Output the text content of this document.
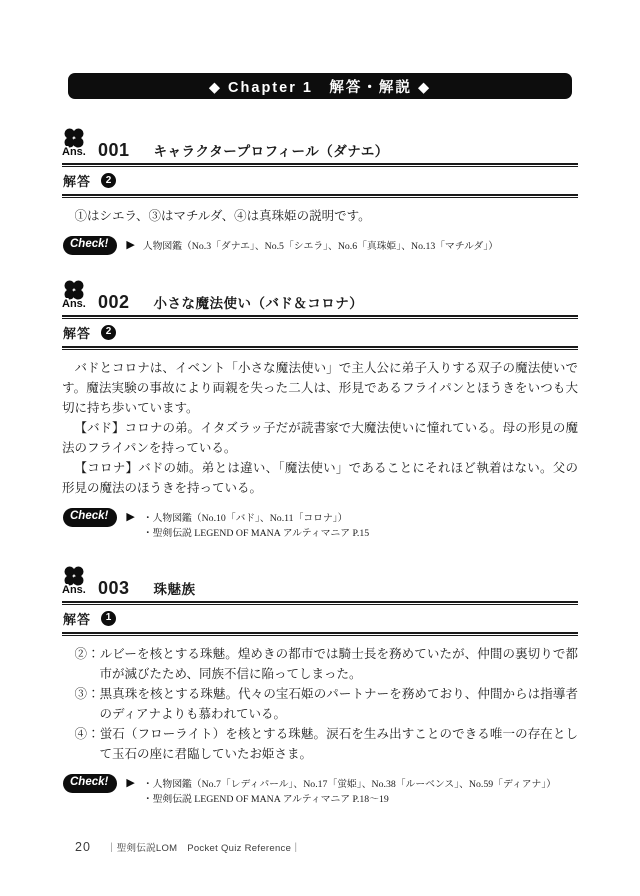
◆ Chapter 1　解答・解説 ◆
Ans. 001 キャラクタープロフィール（ダナエ）
解答	2

①はシエラ、③はマチルダ、④は真珠姫の説明です。

Check!	▶ 人物図鑑（No.3「ダナエ」、No.5「シエラ」、No.6「真珠姫」、No.13「マチルダ」）
Ans. 002 小さな魔法使い（バド＆コロナ）
解答	2

バドとコロナは、イベント「小さな魔法使い」で主人公に弟子入りする双子の魔法使いです。魔法実験の事故により両親を失った二人は、形見であるフライパンとほうきをいつも大切に持ち歩いています。

【バド】コロナの弟。イタズラッ子だが読書家で大魔法使いに憧れている。母の形見の魔法のフライパンを持っている。

【コロナ】バドの姉。弟とは違い、「魔法使い」であることにそれほど執着はない。父の形見の魔法のほうきを持っている。

Check!	▶ ・人物図鑑（No.10「バド」、No.11「コロナ」）
・聖剣伝説 LEGEND OF MANA アルティマニア P.15
Ans. 003 珠魅族
解答	1

②：ルビーを核とする珠魅。煌めきの都市では騎士長を務めていたが、仲間の裏切りで都市が滅びたため、同族不信に陥ってしまった。

③：黒真珠を核とする珠魅。代々の宝石姫のパートナーを務めており、仲間からは指導者のディアナよりも慕われている。

④：蛍石（フローライト）を核とする珠魅。涙石を生み出すことのできる唯一の存在として玉石の座に君臨していたお姫さま。

Check!	▶ ・人物図鑑（No.7「レディパール」、No.17「蛍姫」、No.38「ルーベンス」、No.59「ディアナ」）
・聖剣伝説 LEGEND OF MANA アルティマニア P.18〜19
20 ｜聖剣伝説LOM　Pocket Quiz Reference｜
